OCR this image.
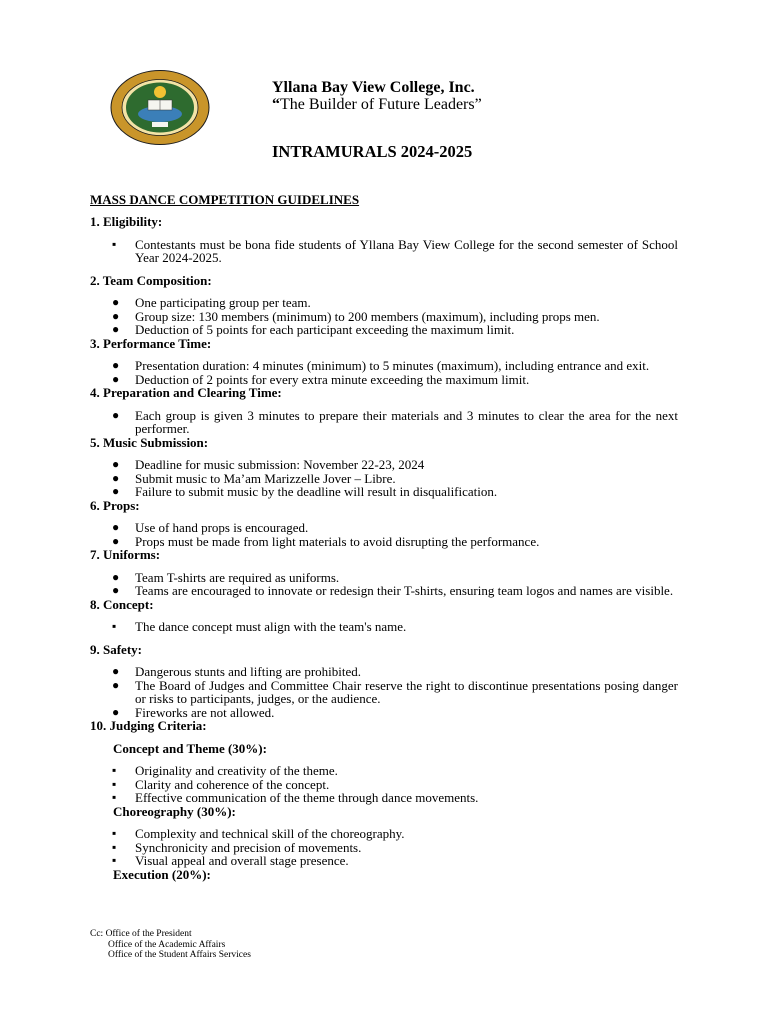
Yllana Bay View College, Inc.
“The Builder of Future Leaders”
INTRAMURALS 2024-2025
MASS DANCE COMPETITION GUIDELINES

1. Eligibility:

▪ Contestants must be bona fide students of Yllana Bay View College for the second semester of School Year 2024-2025.

2. Team Composition:

● One participating group per team.
● Group size: 130 members (minimum) to 200 members (maximum), including props men.
● Deduction of 5 points for each participant exceeding the maximum limit.

3. Performance Time:

● Presentation duration: 4 minutes (minimum) to 5 minutes (maximum), including entrance and exit.
● Deduction of 2 points for every extra minute exceeding the maximum limit.

4. Preparation and Clearing Time:

● Each group is given 3 minutes to prepare their materials and 3 minutes to clear the area for the next performer.

5. Music Submission:

● Deadline for music submission: November 22-23, 2024
● Submit music to Ma’am Marizzelle Jover – Libre.
● Failure to submit music by the deadline will result in disqualification.

6. Props:

● Use of hand props is encouraged.
● Props must be made from light materials to avoid disrupting the performance.

7. Uniforms:

● Team T-shirts are required as uniforms.
● Teams are encouraged to innovate or redesign their T-shirts, ensuring team logos and names are visible.

8. Concept:

▪ The dance concept must align with the team's name.

9. Safety:

● Dangerous stunts and lifting are prohibited.
● The Board of Judges and Committee Chair reserve the right to discontinue presentations posing danger or risks to participants, judges, or the audience.
● Fireworks are not allowed.

10. Judging Criteria:

Concept and Theme (30%):

▪ Originality and creativity of the theme.
▪ Clarity and coherence of the concept.
▪ Effective communication of the theme through dance movements.

Choreography (30%):

▪ Complexity and technical skill of the choreography.
▪ Synchronicity and precision of movements.
▪ Visual appeal and overall stage presence.

Execution (20%):

Cc: Office of the President
Office of the Academic Affairs
Office of the Student Affairs Services
